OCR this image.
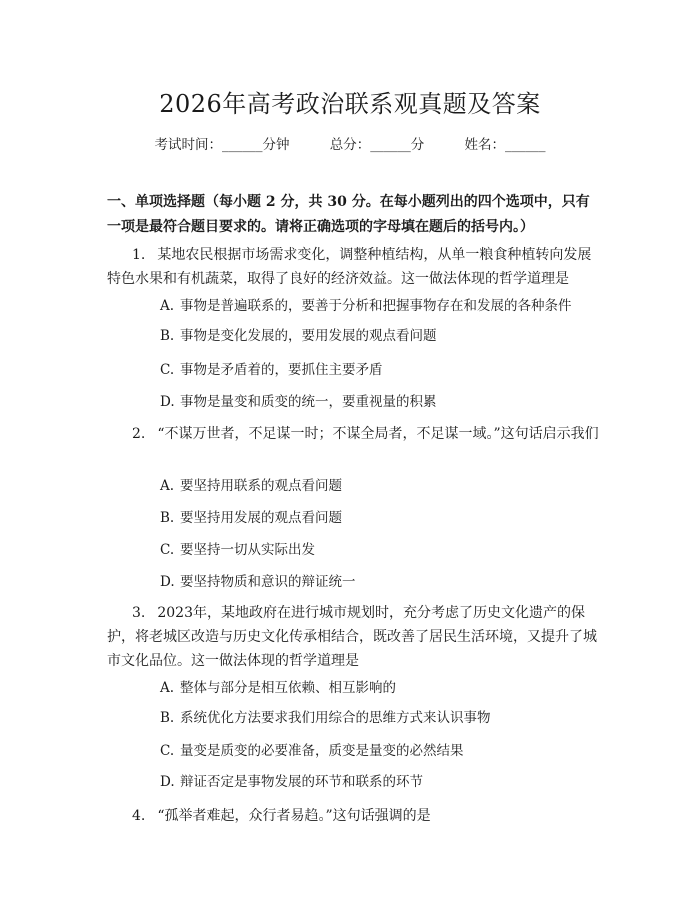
2026年高考政治联系观真题及答案
考试时间：______分钟	总分：______分	姓名：______
一、单项选择题（每小题 2 分，共 30 分。在每小题列出的四个选项中，只有一项是最符合题目要求的。请将正确选项的字母填在题后的括号内。）
1. 某地农民根据市场需求变化，调整种植结构，从单一粮食种植转向发展特色水果和有机蔬菜，取得了良好的经济效益。这一做法体现的哲学道理是
A. 事物是普遍联系的，要善于分析和把握事物存在和发展的各种条件
B. 事物是变化发展的，要用发展的观点看问题
C. 事物是矛盾着的，要抓住主要矛盾
D. 事物是量变和质变的统一，要重视量的积累
2. “不谋万世者，不足谋一时；不谋全局者，不足谋一域。”这句话启示我们
A. 要坚持用联系的观点看问题
B. 要坚持用发展的观点看问题
C. 要坚持一切从实际出发
D. 要坚持物质和意识的辩证统一
3. 2023年，某地政府在进行城市规划时，充分考虑了历史文化遗产的保护，将老城区改造与历史文化传承相结合，既改善了居民生活环境，又提升了城市文化品位。这一做法体现的哲学道理是
A. 整体与部分是相互依赖、相互影响的
B. 系统优化方法要求我们用综合的思维方式来认识事物
C. 量变是质变的必要准备，质变是量变的必然结果
D. 辩证否定是事物发展的环节和联系的环节
4. “孤举者难起，众行者易趋。”这句话强调的是
